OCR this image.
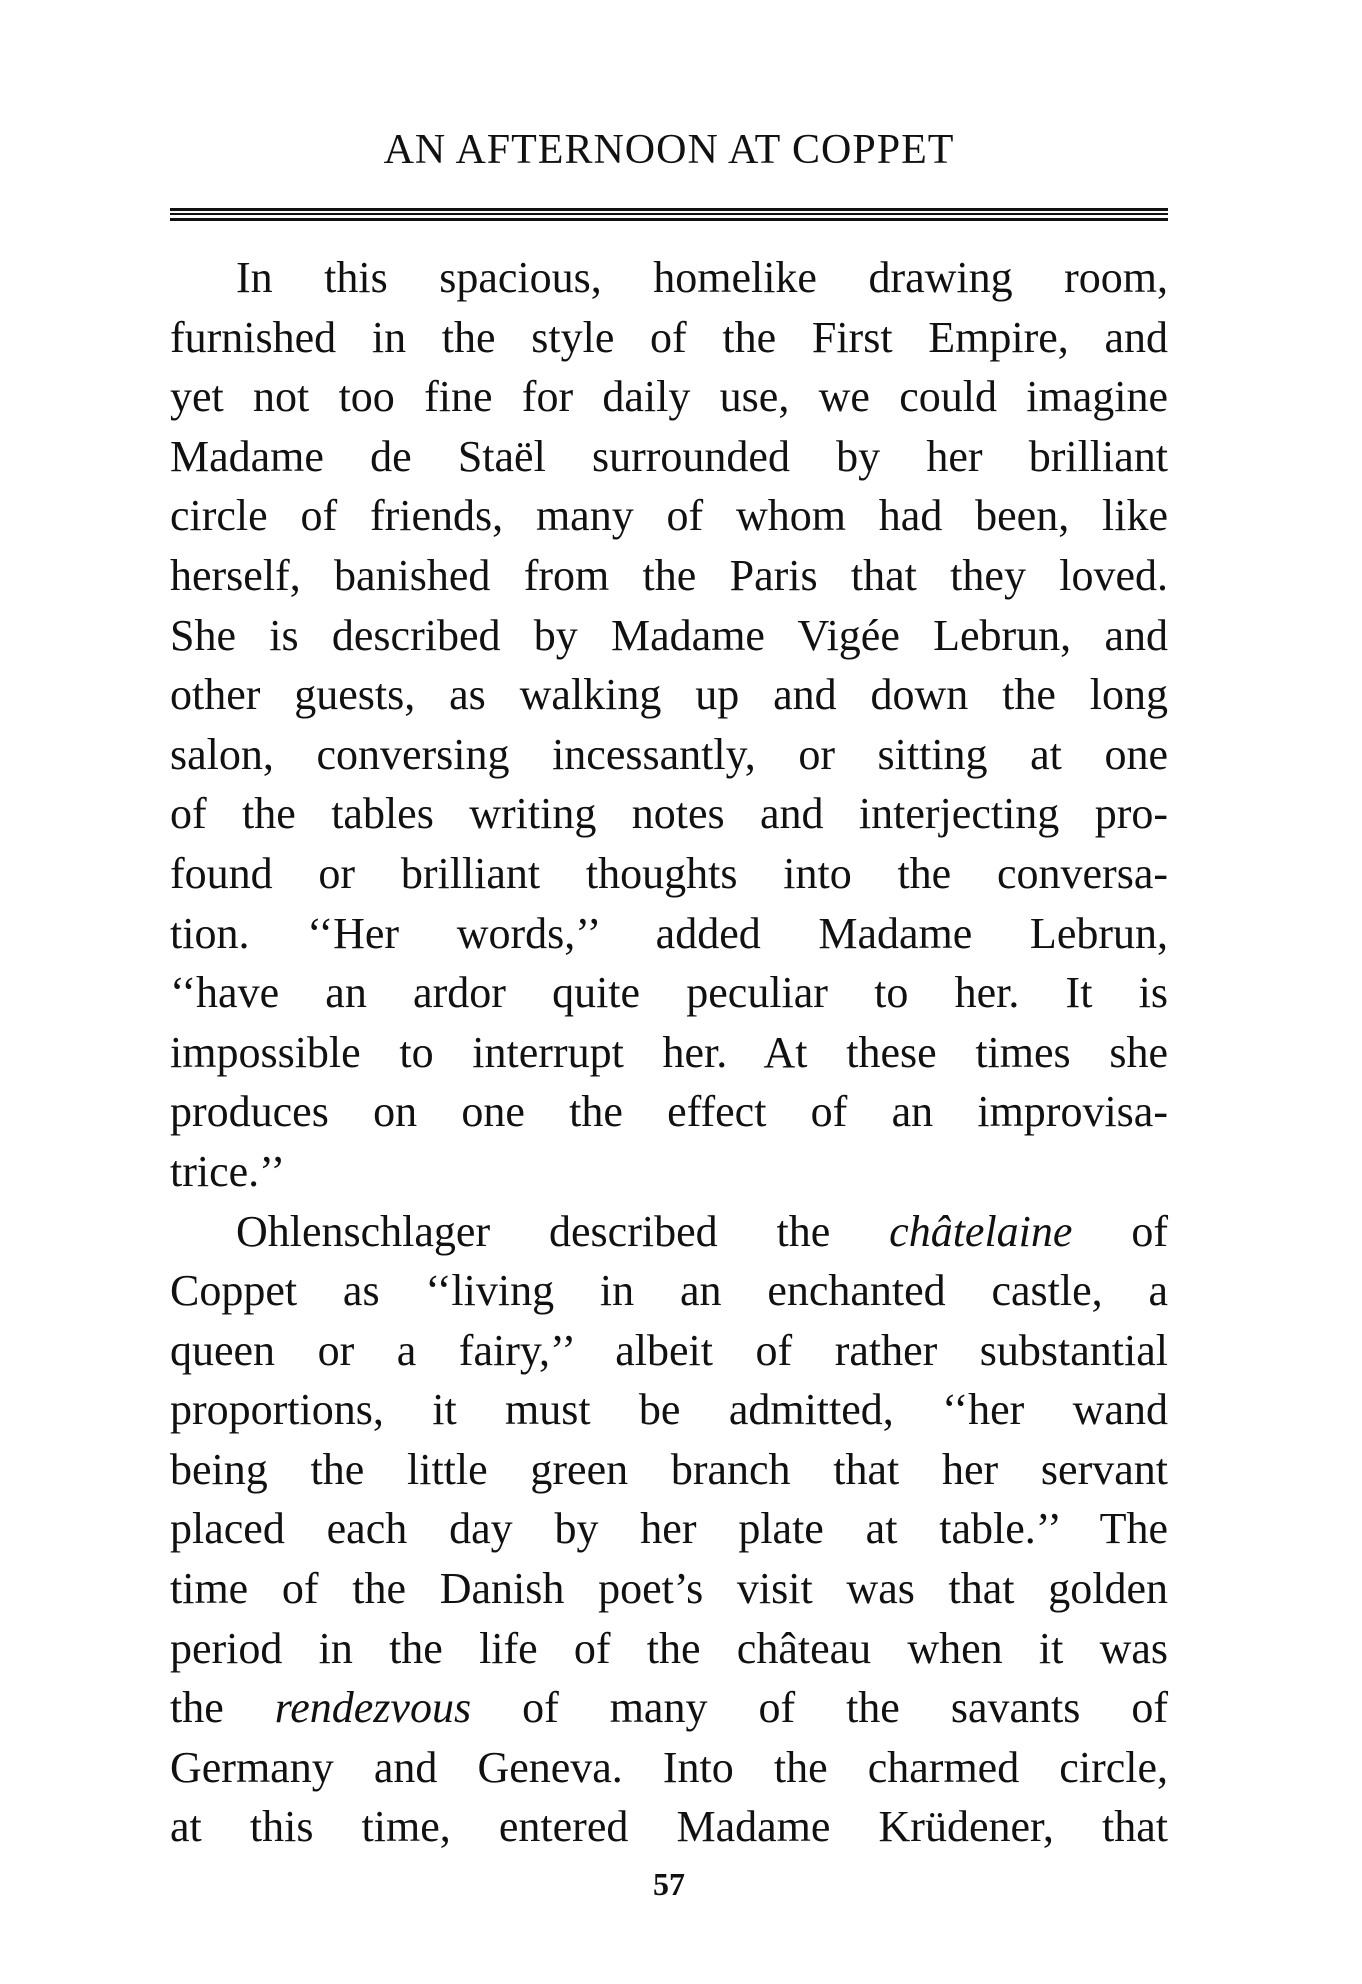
AN AFTERNOON AT COPPET
In this spacious, homelike drawing room,
furnished in the style of the First Empire, and
yet not too fine for daily use, we could imagine
Madame de Staël surrounded by her brilliant
circle of friends, many of whom had been, like
herself, banished from the Paris that they loved.
She is described by Madame Vigée Lebrun, and
other guests, as walking up and down the long
salon, conversing incessantly, or sitting at one
of the tables writing notes and interjecting pro-
found or brilliant thoughts into the conversa-
tion. ‘‘Her words,’’ added Madame Lebrun,
‘‘have an ardor quite peculiar to her. It is
impossible to interrupt her. At these times she
produces on one the effect of an improvisa-
trice.’’
Ohlenschlager described the châtelaine of
Coppet as ‘‘living in an enchanted castle, a
queen or a fairy,’’ albeit of rather substantial
proportions, it must be admitted, ‘‘her wand
being the little green branch that her servant
placed each day by her plate at table.’’ The
time of the Danish poet’s visit was that golden
period in the life of the château when it was
the rendezvous of many of the savants of
Germany and Geneva. Into the charmed circle,
at this time, entered Madame Krüdener, that
57
